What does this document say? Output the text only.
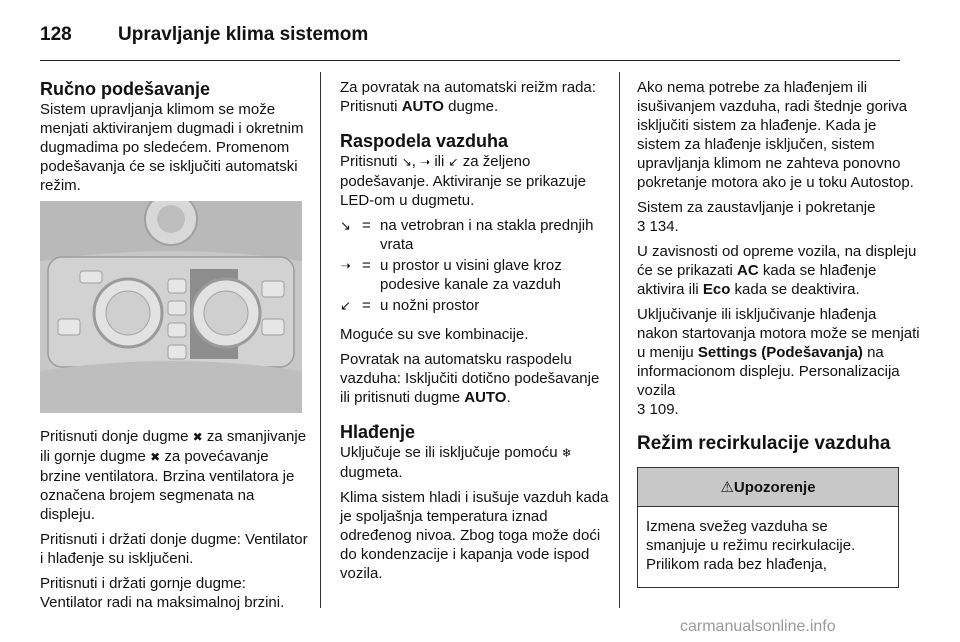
128 Upravljanje klima sistemom
Ručno podešavanje

Sistem upravljanja klimom se može menjati aktiviranjem dugmadi i okretnim dugmadima po sledećem. Promenom podešavanja će se isključiti automatski režim.

Pritisnuti donje dugme ✖ za smanjivanje ili gornje dugme ✖ za povećavanje brzine ventilatora. Brzina ventilatora je označena brojem segmenata na displeju.

Pritisnuti i držati donje dugme: Ventilator i hlađenje su isključeni.

Pritisnuti i držati gornje dugme: Ventilator radi na maksimalnoj brzini.

Za povratak na automatski reižm rada: Pritisnuti AUTO dugme.

Raspodela vazduha

Pritisnuti ↘, ➝ ili ↙ za željeno podešavanje. Aktiviranje se prikazuje LED-om u dugmetu.

↘ = na vetrobran i na stakla prednjih vrata
➝ = u prostor u visini glave kroz podesive kanale za vazduh
↙ = u nožni prostor

Moguće su sve kombinacije.

Povratak na automatsku raspodelu vazduha: Isključiti dotično podešavanje ili pritisnuti dugme AUTO.

Hlađenje

Uključuje se ili isključuje pomoću ❄ dugmeta.

Klima sistem hladi i isušuje vazduh kada je spoljašnja temperatura iznad određenog nivoa. Zbog toga može doći do kondenzacije i kapanja vode ispod vozila.

Ako nema potrebe za hlađenjem ili isušivanjem vazduha, radi štednje goriva isključiti sistem za hlađenje. Kada je sistem za hlađenje isključen, sistem upravljanja klimom ne zahteva ponovno pokretanje motora ako je u toku Autostop.

Sistem za zaustavljanje i pokretanje
3 134.

U zavisnosti od opreme vozila, na displeju će se prikazati AC kada se hlađenje aktivira ili Eco kada se deaktivira.

Uključivanje ili isključivanje hlađenja nakon startovanja motora može se menjati u meniju Settings (Podešavanja) na informacionom displeju. Personalizacija vozila
3 109.

Režim recirkulacije vazduha
⚠ Upozorenje

Izmena svežeg vazduha se smanjuje u režimu recirkulacije. Prilikom rada bez hlađenja,

carmanualsonline.info
